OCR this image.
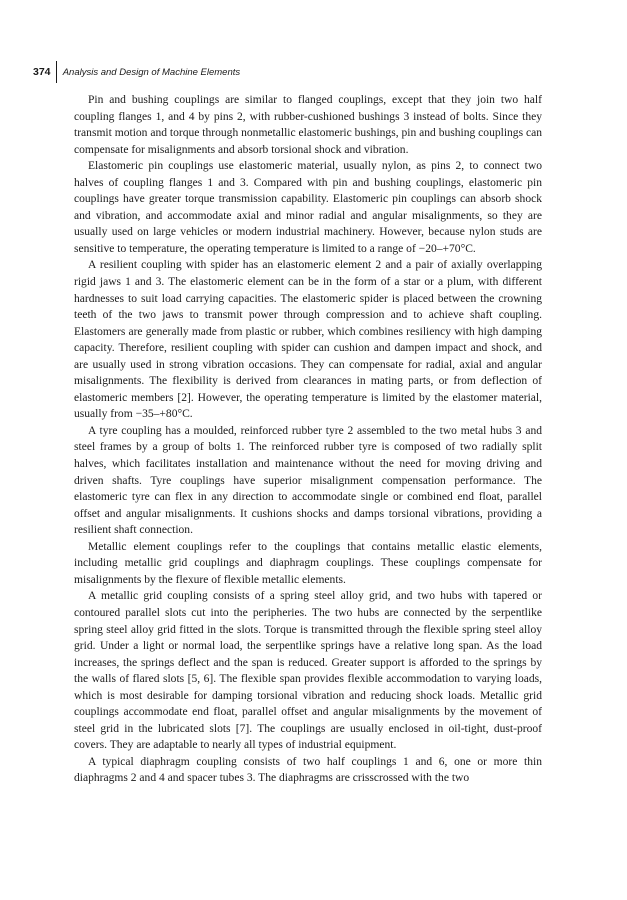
374	Analysis and Design of Machine Elements

Pin and bushing couplings are similar to flanged couplings, except that they join two half coupling flanges 1, and 4 by pins 2, with rubber-cushioned bushings 3 instead of bolts. Since they transmit motion and torque through nonmetallic elastomeric bushings, pin and bushing couplings can compensate for misalignments and absorb torsional shock and vibration.

Elastomeric pin couplings use elastomeric material, usually nylon, as pins 2, to connect two halves of coupling flanges 1 and 3. Compared with pin and bushing couplings, elastomeric pin couplings have greater torque transmission capability. Elastomeric pin couplings can absorb shock and vibration, and accommodate axial and minor radial and angular misalignments, so they are usually used on large vehicles or modern industrial machinery. However, because nylon studs are sensitive to temperature, the operating temperature is limited to a range of −20–+70°C.

A resilient coupling with spider has an elastomeric element 2 and a pair of axially overlapping rigid jaws 1 and 3. The elastomeric element can be in the form of a star or a plum, with different hardnesses to suit load carrying capacities. The elastomeric spider is placed between the crowning teeth of the two jaws to transmit power through compression and to achieve shaft coupling. Elastomers are generally made from plastic or rubber, which combines resiliency with high damping capacity. Therefore, resilient coupling with spider can cushion and dampen impact and shock, and are usually used in strong vibration occasions. They can compensate for radial, axial and angular misalignments. The flexibility is derived from clearances in mating parts, or from deflection of elastomeric members [2]. However, the operating temperature is limited by the elastomer material, usually from −35–+80°C.

A tyre coupling has a moulded, reinforced rubber tyre 2 assembled to the two metal hubs 3 and steel frames by a group of bolts 1. The reinforced rubber tyre is composed of two radially split halves, which facilitates installation and maintenance without the need for moving driving and driven shafts. Tyre couplings have superior misalignment compensation performance. The elastomeric tyre can flex in any direction to accommodate single or combined end float, parallel offset and angular misalignments. It cushions shocks and damps torsional vibrations, providing a resilient shaft connection.

Metallic element couplings refer to the couplings that contains metallic elastic elements, including metallic grid couplings and diaphragm couplings. These couplings compensate for misalignments by the flexure of flexible metallic elements.

A metallic grid coupling consists of a spring steel alloy grid, and two hubs with tapered or contoured parallel slots cut into the peripheries. The two hubs are connected by the serpentlike spring steel alloy grid fitted in the slots. Torque is transmitted through the flexible spring steel alloy grid. Under a light or normal load, the serpentlike springs have a relative long span. As the load increases, the springs deflect and the span is reduced. Greater support is afforded to the springs by the walls of flared slots [5, 6]. The flexible span provides flexible accommodation to varying loads, which is most desirable for damping torsional vibration and reducing shock loads. Metallic grid couplings accommodate end float, parallel offset and angular misalignments by the movement of steel grid in the lubricated slots [7]. The couplings are usually enclosed in oil-tight, dust-proof covers. They are adaptable to nearly all types of industrial equipment.

A typical diaphragm coupling consists of two half couplings 1 and 6, one or more thin diaphragms 2 and 4 and spacer tubes 3. The diaphragms are crisscrossed with the two
